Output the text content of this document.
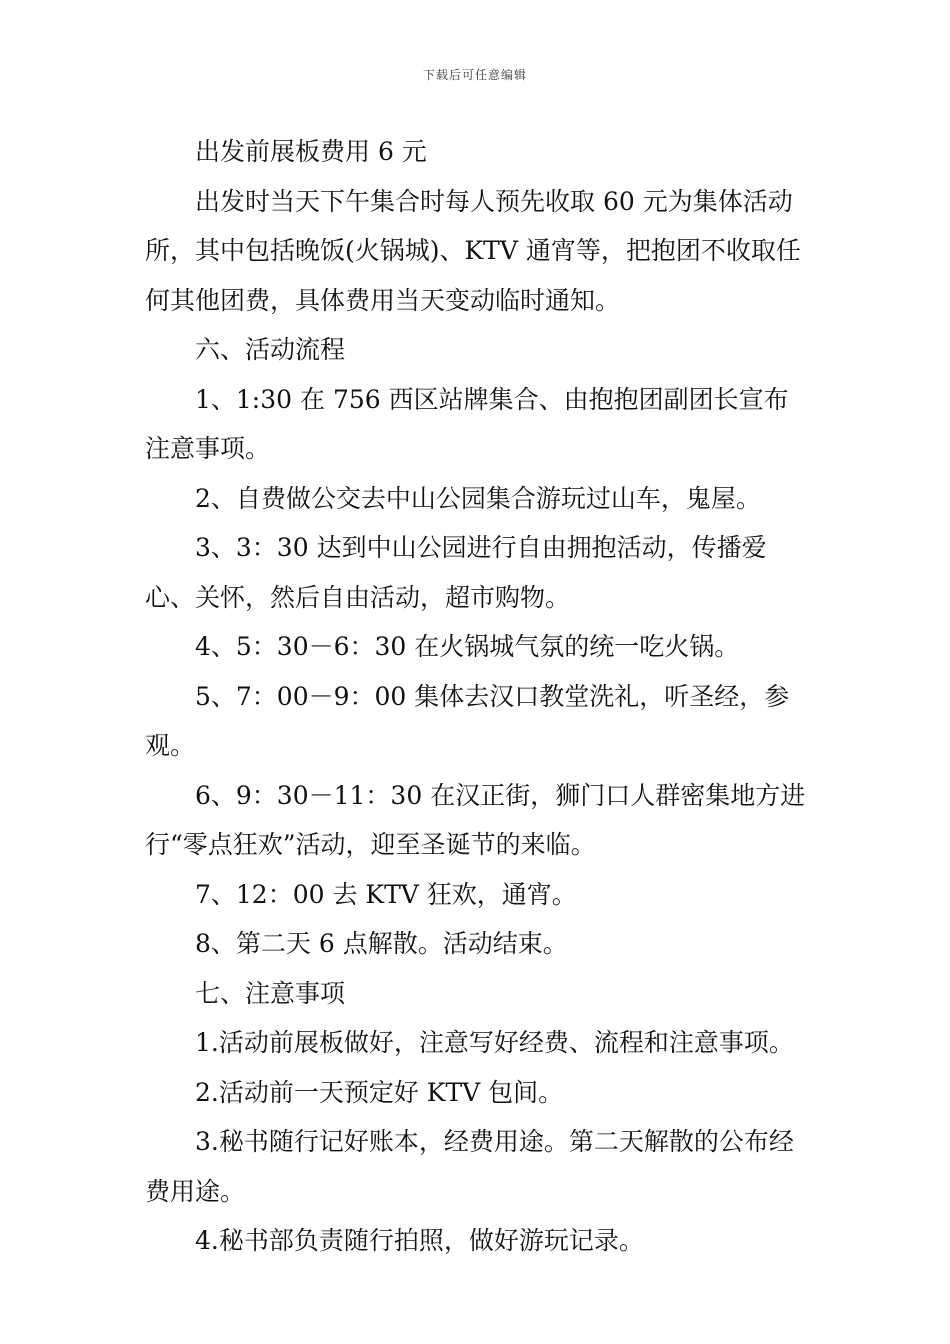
下载后可任意编辑

出发前展板费用 6 元

出发时当天下午集合时每人预先收取 60 元为集体活动所，其中包括晚饭(火锅城)、KTV 通宵等，把抱团不收取任何其他团费，具体费用当天变动临时通知。

六、活动流程

1、1:30 在 756 西区站牌集合、由抱抱团副团长宣布注意事项。

2、自费做公交去中山公园集合游玩过山车，鬼屋。

3、3：30 达到中山公园进行自由拥抱活动，传播爱心、关怀，然后自由活动，超市购物。

4、5：30－6：30 在火锅城气氛的统一吃火锅。

5、7：00－9：00 集体去汉口教堂洗礼，听圣经，参观。

6、9：30－11：30 在汉正街，狮门口人群密集地方进行“零点狂欢”活动，迎至圣诞节的来临。

7、12：00 去 KTV 狂欢，通宵。

8、第二天 6 点解散。活动结束。

七、注意事项

1.活动前展板做好，注意写好经费、流程和注意事项。

2.活动前一天预定好 KTV 包间。

3.秘书随行记好账本，经费用途。第二天解散的公布经费用途。

4.秘书部负责随行拍照，做好游玩记录。
